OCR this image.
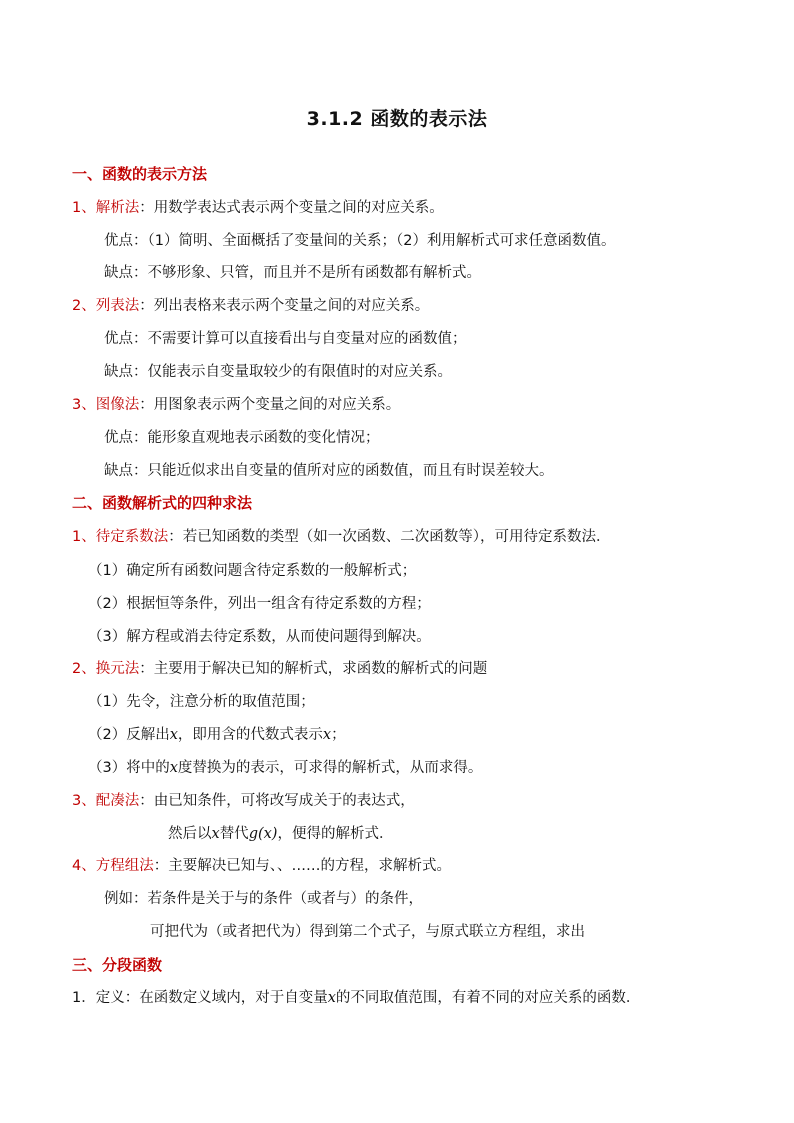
3.1.2 函数的表示法
一、函数的表示方法
1、解析法：用数学表达式表示两个变量之间的对应关系。
优点：（1）简明、全面概括了变量间的关系；（2）利用解析式可求任意函数值。
缺点：不够形象、只管，而且并不是所有函数都有解析式。
2、列表法：列出表格来表示两个变量之间的对应关系。
优点：不需要计算可以直接看出与自变量对应的函数值；
缺点：仅能表示自变量取较少的有限值时的对应关系。
3、图像法：用图象表示两个变量之间的对应关系。
优点：能形象直观地表示函数的变化情况；
缺点：只能近似求出自变量的值所对应的函数值，而且有时误差较大。
二、函数解析式的四种求法
1、待定系数法：若已知函数的类型（如一次函数、二次函数等），可用待定系数法．
（1）确定所有函数问题含待定系数的一般解析式；
（2）根据恒等条件，列出一组含有待定系数的方程；
（3）解方程或消去待定系数，从而使问题得到解决。
2、换元法：主要用于解决已知的解析式，求函数的解析式的问题
（1）先令，注意分析的取值范围；
（2）反解出x，即用含的代数式表示x；
（3）将中的x度替换为的表示，可求得的解析式，从而求得。
3、配凑法：由已知条件，可将改写成关于的表达式，
然后以x替代g(x)，便得的解析式．
4、方程组法：主要解决已知与、、……的方程，求解析式。
例如：若条件是关于与的条件（或者与）的条件，
可把代为（或者把代为）得到第二个式子，与原式联立方程组，求出
三、分段函数
1．定义：在函数定义域内，对于自变量x的不同取值范围，有着不同的对应关系的函数．
